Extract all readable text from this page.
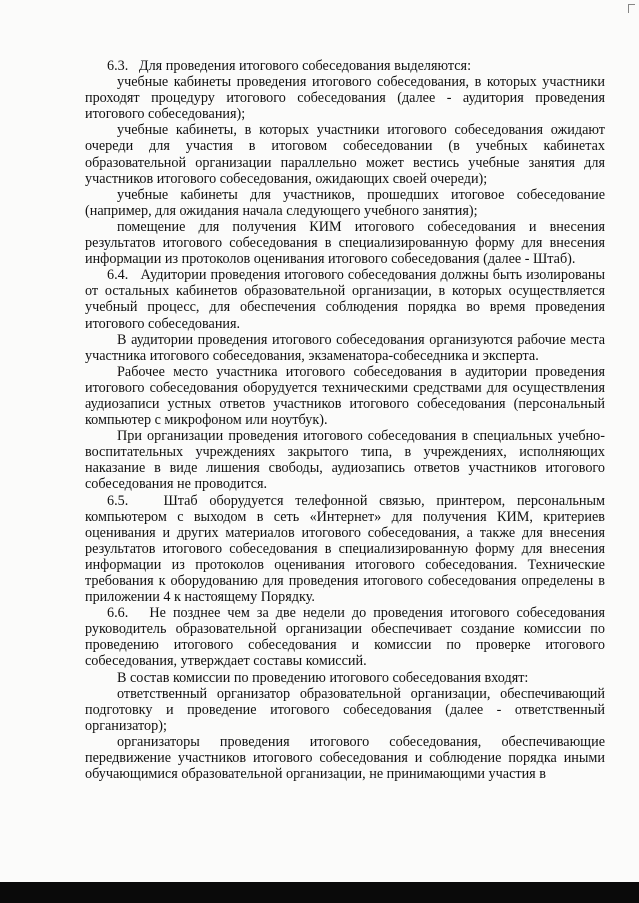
6.3.   Для проведения итогового собеседования выделяются:

учебные кабинеты проведения итогового собеседования, в которых участники проходят процедуру итогового собеседования (далее - аудитория проведения итогового собеседования);

учебные кабинеты, в которых участники итогового собеседования ожидают очереди для участия в итоговом собеседовании (в учебных кабинетах образовательной организации параллельно может вестись учебные занятия для участников итогового собеседования, ожидающих своей очереди);

учебные кабинеты для участников, прошедших итоговое собеседование (например, для ожидания начала следующего учебного занятия);

помещение для получения КИМ итогового собеседования и внесения результатов итогового собеседования в специализированную форму для внесения информации из протоколов оценивания итогового собеседования (далее - Штаб).

6.4.   Аудитории проведения итогового собеседования должны быть изолированы от остальных кабинетов образовательной организации, в которых осуществляется учебный процесс, для обеспечения соблюдения порядка во время проведения итогового собеседования.

В аудитории проведения итогового собеседования организуются рабочие места участника итогового собеседования, экзаменатора-собеседника и эксперта.

Рабочее место участника итогового собеседования в аудитории проведения итогового собеседования оборудуется техническими средствами для осуществления аудиозаписи устных ответов участников итогового собеседования (персональный компьютер с микрофоном или ноутбук).

При организации проведения итогового собеседования в специальных учебно-воспитательных учреждениях закрытого типа, в учреждениях, исполняющих наказание в виде лишения свободы, аудиозапись ответов участников итогового собеседования не проводится.

6.5.   Штаб оборудуется телефонной связью, принтером, персональным компьютером с выходом в сеть «Интернет» для получения КИМ, критериев оценивания и других материалов итогового собеседования, а также для внесения результатов итогового собеседования в специализированную форму для внесения информации из протоколов оценивания итогового собеседования. Технические требования к оборудованию для проведения итогового собеседования определены в приложении 4 к настоящему Порядку.

6.6.   Не позднее чем за две недели до проведения итогового собеседования руководитель образовательной организации обеспечивает создание комиссии по проведению итогового собеседования и комиссии по проверке итогового собеседования, утверждает составы комиссий.

В состав комиссии по проведению итогового собеседования входят:

ответственный организатор образовательной организации, обеспечивающий подготовку и проведение итогового собеседования (далее - ответственный организатор);

организаторы проведения итогового собеседования, обеспечивающие передвижение участников итогового собеседования и соблюдение порядка иными обучающимися образовательной организации, не принимающими участия в
